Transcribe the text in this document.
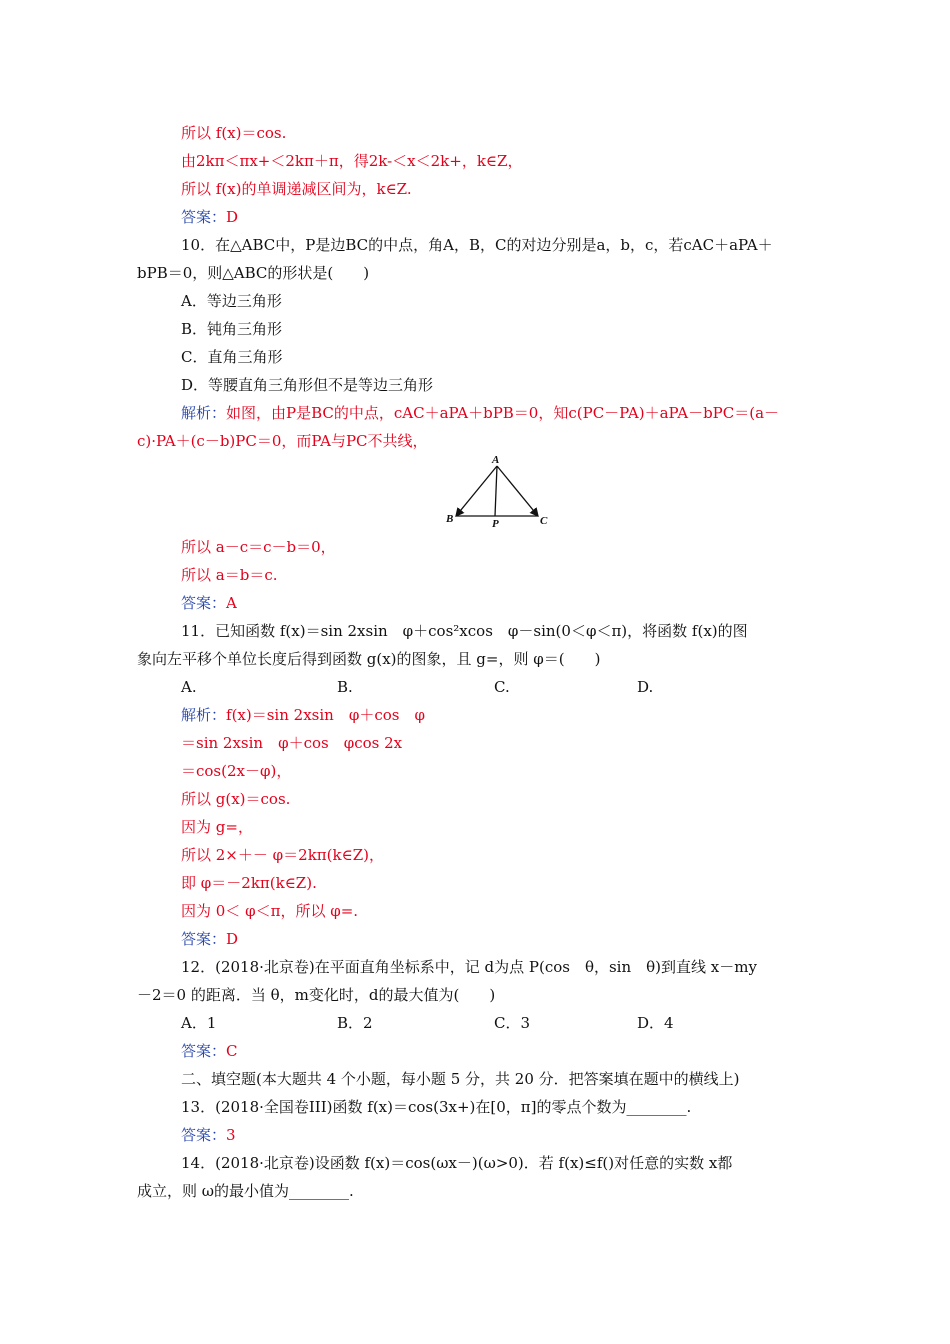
所以 f(x)＝cos.
由2kπ＜πx+＜2kπ＋π，得2k-＜x＜2k+，k∈Z，
所以 f(x)的单调递减区间为，k∈Z.
答案：D
10．在△ABC中，P是边BC的中点，角A，B，C的对边分别是a，b，c，若cAC＋aPA＋
bPB＝0，则△ABC的形状是(　　)
A．等边三角形
B．钝角三角形
C．直角三角形
D．等腰直角三角形但不是等边三角形
解析：如图，由P是BC的中点，cAC＋aPA＋bPB＝0，知c(PC－PA)＋aPA－bPC＝(a－
c)·PA＋(c－b)PC＝0，而PA与PC不共线，
A
B	C
P
所以 a－c＝c－b＝0，
所以 a＝b＝c.
答案：A
11．已知函数 f(x)＝sin 2xsin　φ＋cos²xcos　φ－sin(0＜φ＜π)，将函数 f(x)的图
象向左平移个单位长度后得到函数 g(x)的图象，且 g=，则 φ＝(　　)
A.	B.	C.	D.
解析：f(x)＝sin 2xsin　φ＋cos　φ
＝sin 2xsin　φ＋cos　φcos 2x
＝cos(2x－φ)，
所以 g(x)＝cos.
因为 g=，
所以 2×＋－ φ＝2kπ(k∈Z)，
即 φ＝－2kπ(k∈Z).
因为 0＜ φ＜π，所以 φ=.
答案：D
12．(2018·北京卷)在平面直角坐标系中，记 d为点 P(cos　θ，sin　θ)到直线 x－my
－2＝0 的距离．当 θ，m变化时，d的最大值为(　　)
A．1	B．2	C．3	D．4
答案：C
二、填空题(本大题共 4 个小题，每小题 5 分，共 20 分．把答案填在题中的横线上)
13．(2018·全国卷III)函数 f(x)＝cos(3x+)在[0，π]的零点个数为________.
答案：3
14．(2018·北京卷)设函数 f(x)＝cos(ωx－)(ω>0)．若 f(x)≤f()对任意的实数 x都
成立，则 ω的最小值为________.
